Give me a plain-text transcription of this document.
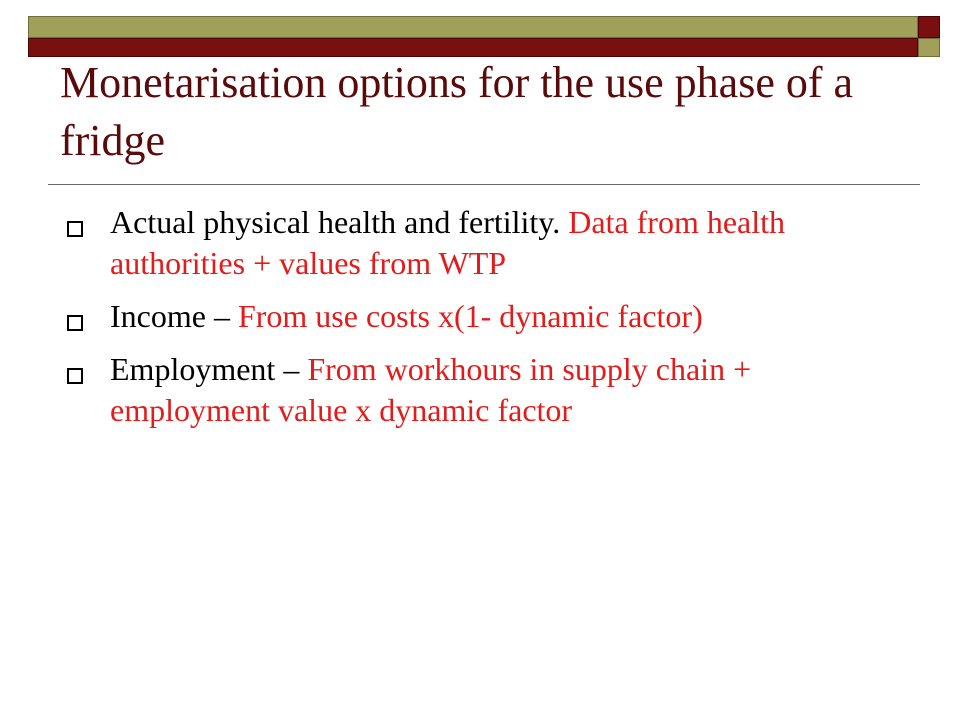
Monetarisation options for the use phase of a fridge
Actual physical health and fertility. Data from health authorities + values from WTP
Income – From use costs x(1- dynamic factor)
Employment – From workhours in supply chain + employment value x dynamic factor
